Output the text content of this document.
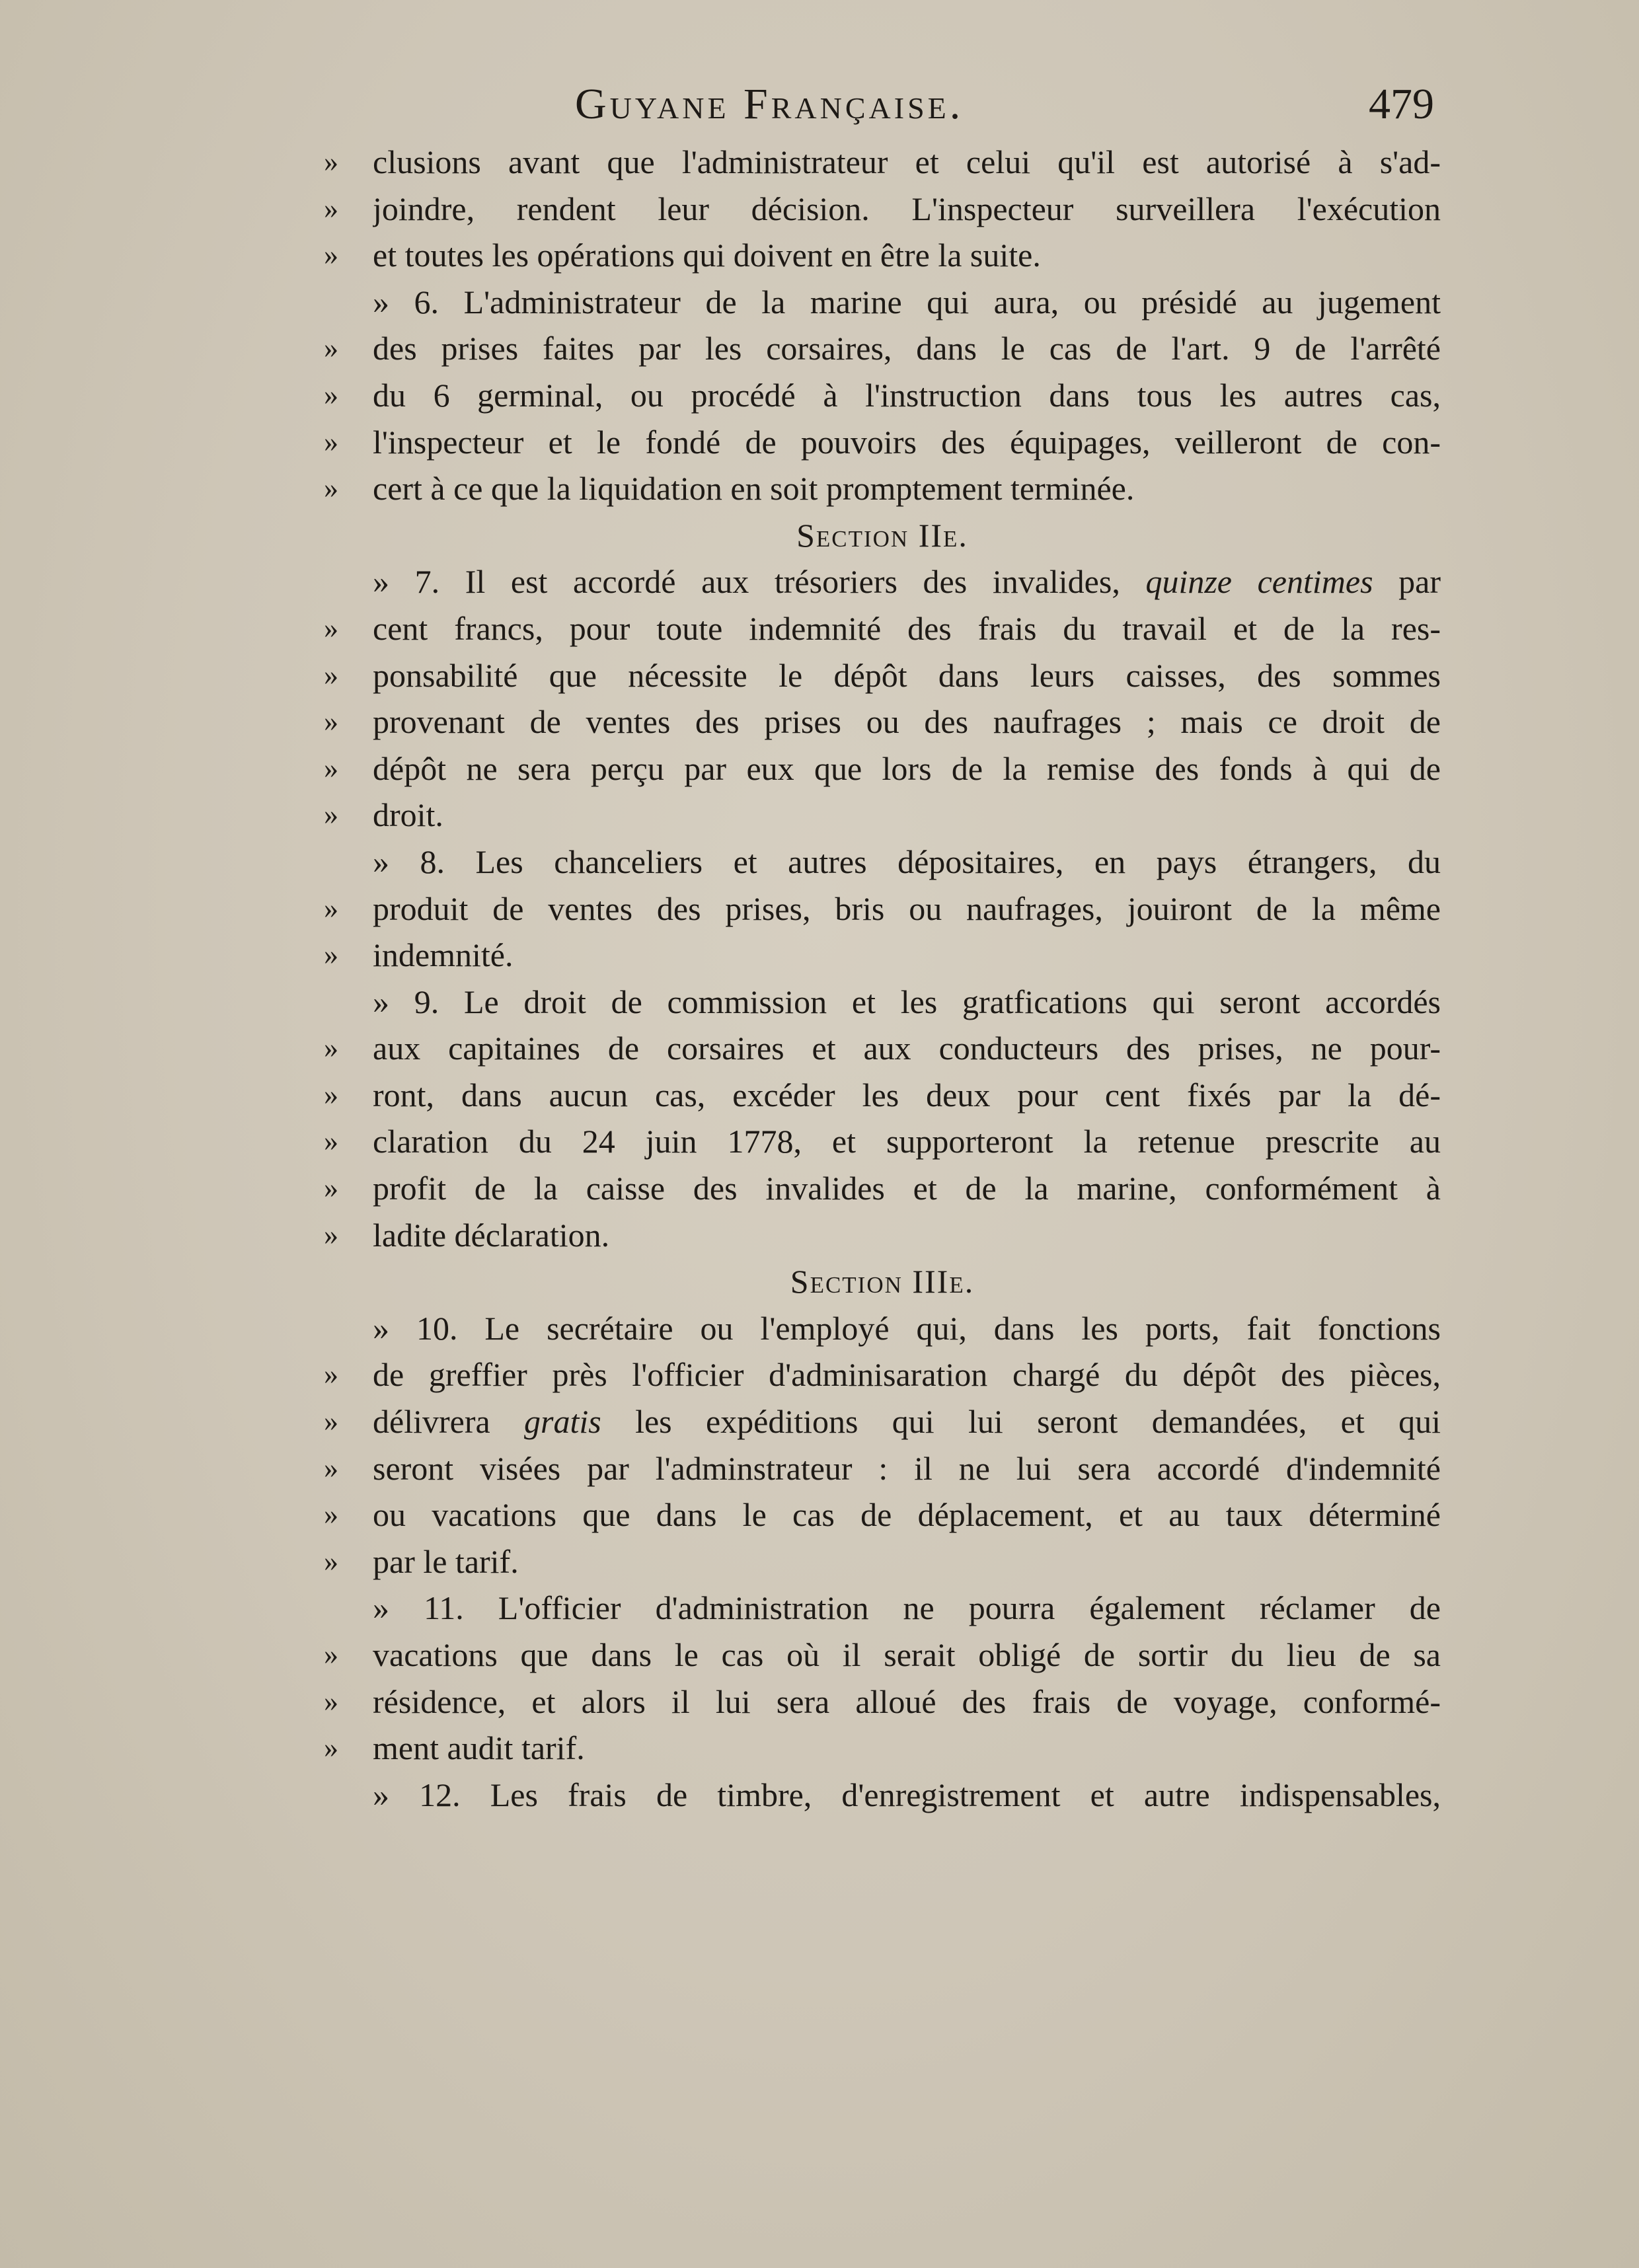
Guyane Française.	479
»	clusions avant que l'administrateur et celui qu'il est autorisé à s'ad-
»	joindre, rendent leur décision. L'inspecteur surveillera l'exécution
»	et toutes les opérations qui doivent en être la suite.
» 6. L'administrateur de la marine qui aura, ou présidé au jugement
»	des prises faites par les corsaires, dans le cas de l'art. 9 de l'arrêté
»	du 6 germinal, ou procédé à l'instruction dans tous les autres cas,
»	l'inspecteur et le fondé de pouvoirs des équipages, veilleront de con-
»	cert à ce que la liquidation en soit promptement terminée.
Section IIe.
» 7. Il est accordé aux trésoriers des invalides, quinze centimes par
»	cent francs, pour toute indemnité des frais du travail et de la res-
»	ponsabilité que nécessite le dépôt dans leurs caisses, des sommes
»	provenant de ventes des prises ou des naufrages ; mais ce droit de
»	dépôt ne sera perçu par eux que lors de la remise des fonds à qui de
»	droit.
» 8. Les chanceliers et autres dépositaires, en pays étrangers, du
»	produit de ventes des prises, bris ou naufrages, jouiront de la même
»	indemnité.
» 9. Le droit de commission et les gratfications qui seront accordés
»	aux capitaines de corsaires et aux conducteurs des prises, ne pour-
»	ront, dans aucun cas, excéder les deux pour cent fixés par la dé-
»	claration du 24 juin 1778, et supporteront la retenue prescrite au
»	profit de la caisse des invalides et de la marine, conformément à
»	ladite déclaration.
Section IIIe.
» 10. Le secrétaire ou l'employé qui, dans les ports, fait fonctions
»	de greffier près l'officier d'adminisaration chargé du dépôt des pièces,
»	délivrera gratis les expéditions qui lui seront demandées, et qui
»	seront visées par l'adminstrateur : il ne lui sera accordé d'indemnité
»	ou vacations que dans le cas de déplacement, et au taux déterminé
»	par le tarif.
» 11. L'officier d'administration ne pourra également réclamer de
»	vacations que dans le cas où il serait obligé de sortir du lieu de sa
»	résidence, et alors il lui sera alloué des frais de voyage, conformé-
»	ment audit tarif.
» 12. Les frais de timbre, d'enregistrement et autre indispensables,
